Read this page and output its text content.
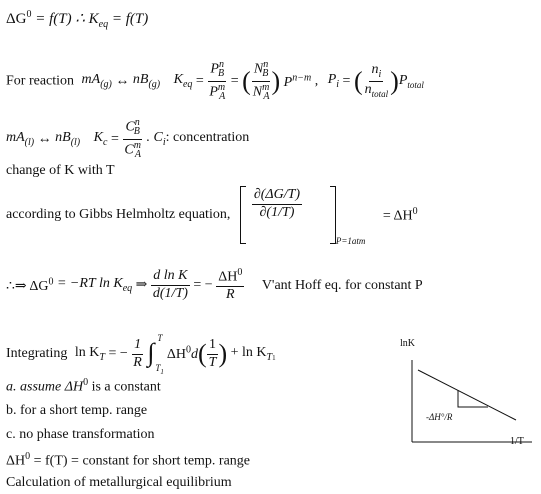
$\Delta G^0 = f(T)$ ∴ $K_{eq} = f(T)$
For reaction $mA_{(g)}$ ↔ $nB_{(g)}$ $K_{eq} = \frac{P^n_B}{P^m_A}$ = ( $\frac{N^n_B}{N^m_A}$ ) $P^{n-m}$ , $P_i$ = ( $\frac{n_i}{n_{total}} )P_{total}$
$mA_{(l)}$ ↔ $nB_{(l)}$ $K_c = \frac{C^n_B}{C^m_A}$ . $C_i$: concentration
change of K with T
according to Gibbs Helmholtz equation, $\frac{\partial(\Delta G/T)}{\partial(1/T)}$
$P=1atm = \Delta H^0$
∴⇒ $\Delta G^0 = -RT$ $\ln K_{eq}$ ⇒ $\frac{\text{d ln K}}{d(1/T)}$ = − $\frac{\Delta H^0}{R} V'ant$ Hoff eq. for constant P
Integrating $\ln K_T$ = − $\frac{1}{R}$
∫ T
$T_1$
$\Delta H^0d( \frac{1}{T}$ ) + $\ln K_{T1}$
a. assume $\Delta H^0$ is a constant
b. for a short temp. range
c. no phase transformation
$\Delta H^0 = f(T)$ = constant for short temp. range
Calculation of metallurgical equilibrium
lnK
-ΔH°/R
1/T
